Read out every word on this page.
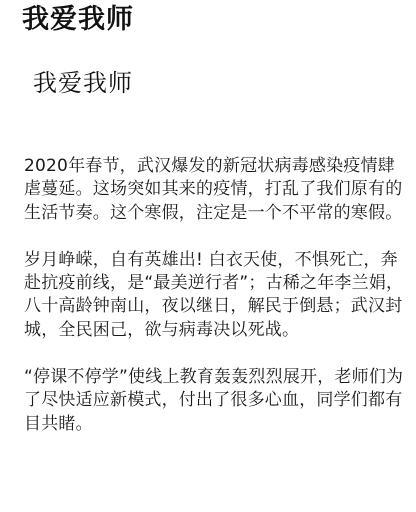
我爱我师
我爱我师

2020年春节，武汉爆发的新冠状病毒感染疫情肆虐蔓延。这场突如其来的疫情，打乱了我们原有的生活节奏。这个寒假，注定是一个不平常的寒假。

岁月峥嵘，自有英雄出! 白衣天使，不惧死亡，奔赴抗疫前线，是“最美逆行者”；古稀之年李兰娟，八十高龄钟南山，夜以继日，解民于倒悬；武汉封城，全民困己，欲与病毒决以死战。

“停课不停学”使线上教育轰轰烈烈展开，老师们为了尽快适应新模式，付出了很多心血，同学们都有目共睹。
